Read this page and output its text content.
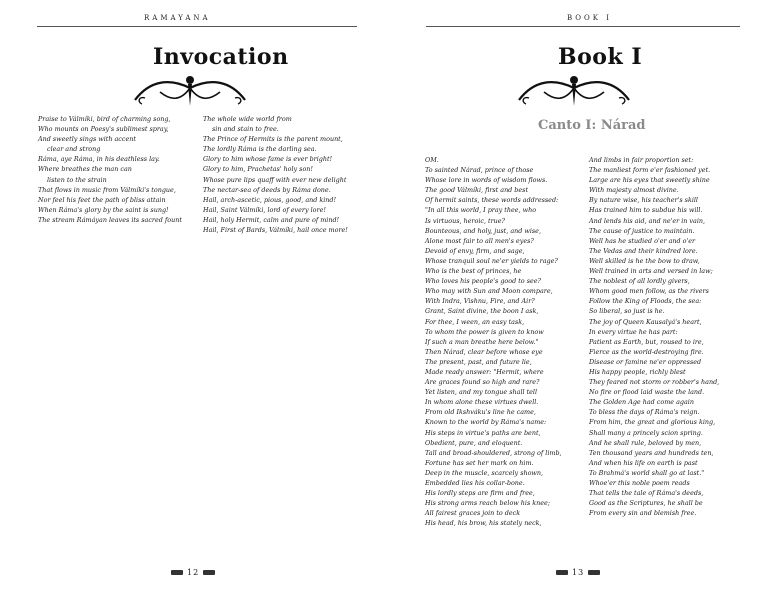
RAMAYANA
Invocation
Praise to Válmíki, bird of charming song,
Who mounts on Poesy's sublimest spray,
And sweetly sings with accent
clear and strong
Ráma, aye Ráma, in his deathless lay.
Where breathes the man can
listen to the strain
That flows in music from Válmíki's tongue,
Nor feel his feet the path of bliss attain
When Ráma's glory by the saint is sung!
The stream Rámáyan leaves its sacred fount
The whole wide world from
sin and stain to free.
The Prince of Hermits is the parent mount,
The lordly Ráma is the darling sea.
Glory to him whose fame is ever bright!
Glory to him, Prachetas' holy son!
Whose pure lips quaff with ever new delight
The nectar-sea of deeds by Ráma done.
Hail, arch-ascetic, pious, good, and kind!
Hail, Saint Válmíki, lord of every lore!
Hail, holy Hermit, calm and pure of mind!
Hail, First of Bards, Válmíki, hail once more!
12
BOOK I
Book I
Canto I: Nárad
OM.
To sainted Nárad, prince of those
Whose lore in words of wisdom flows.
The good Válmíki, first and best
Of hermit saints, these words addressed:
"In all this world, I pray thee, who
Is virtuous, heroic, true?
Bounteous, and holy, just, and wise,
Alone most fair to all men's eyes?
Devoid of envy, firm, and sage,
Whose tranquil soul ne'er yields to rage?
Who is the best of princes, he
Who loves his people's good to see?
Who may with Sun and Moon compare,
With Indra, Vishnu, Fire, and Air?
Grant, Saint divine, the boon I ask,
For thee, I ween, an easy task,
To whom the power is given to know
If such a man breathe here below."
Then Nárad, clear before whose eye
The present, past, and future lie,
Made ready answer: "Hermit, where
Are graces found so high and rare?
Yet listen, and my tongue shall tell
In whom alone these virtues dwell.
From old Ikshváku's line he came,
Known to the world by Ráma's name:
His steps in virtue's paths are bent,
Obedient, pure, and eloquent.
Tall and broad-shouldered, strong of limb,
Fortune has set her mark on him.
Deep in the muscle, scarcely shown,
Embedded lies his collar-bone.
His lordly steps are firm and free,
His strong arms reach below his knee;
All fairest graces join to deck
His head, his brow, his stately neck,
And limbs in fair proportion set:
The manliest form e'er fashioned yet.
Large are his eyes that sweetly shine
With majesty almost divine.
By nature wise, his teacher's skill
Has trained him to subdue his will.
And lends his aid, and ne'er in vain,
The cause of justice to maintain.
Well has he studied o'er and o'er
The Vedas and their kindred lore.
Well skilled is he the bow to draw,
Well trained in arts and versed in law;
The noblest of all lordly givers,
Whom good men follow, as the rivers
Follow the King of Floods, the sea:
So liberal, so just is he.
The joy of Queen Kausalyá's heart,
In every virtue he has part:
Patient as Earth, but, roused to ire,
Fierce as the world-destroying fire.
Disease or famine ne'er oppressed
His happy people, richly blest
They feared not storm or robber's hand,
No fire or flood laid waste the land.
The Golden Age had come again
To bless the days of Ráma's reign.
From him, the great and glorious king,
Shall many a princely scion spring.
And he shall rule, beloved by men,
Ten thousand years and hundreds ten,
And when his life on earth is past
To Brahmá's world shall go at last."
Whoe'er this noble poem reads
That tells the tale of Ráma's deeds,
Good as the Scriptures, he shall be
From every sin and blemish free.
13
